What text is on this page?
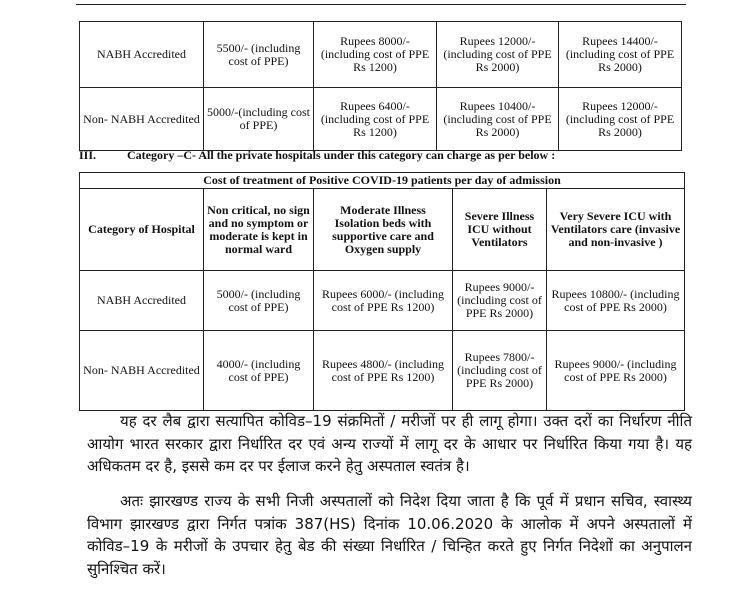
NABH Accredited	5500/- (including cost of PPE)	Rupees 8000/- (including cost of PPE Rs 1200)	Rupees 12000/- (including cost of PPE Rs 2000)	Rupees 14400/- (including cost of PPE Rs 2000)
Non- NABH Accredited	5000/-(including cost of PPE)	Rupees 6400/- (including cost of PPE Rs 1200)	Rupees 10400/- (including cost of PPE Rs 2000)	Rupees 12000/- (including cost of PPE Rs 2000)
III.	Category –C- All the private hospitals under this category can charge as per below :
Cost of treatment of Positive COVID-19 patients per day of admission				
Category of Hospital	Non critical, no sign and no symptom or moderate is kept in normal ward	Moderate Illness Isolation beds with supportive care and Oxygen supply	Severe Illness ICU without Ventilators	Very Severe ICU with Ventilators care (invasive and non-invasive )
NABH Accredited	5000/- (including cost of PPE)	Rupees 6000/- (including cost of PPE Rs 1200)	Rupees 9000/- (including cost of PPE Rs 2000)	Rupees 10800/- (including cost of PPE Rs 2000)
Non- NABH Accredited	4000/- (including cost of PPE)	Rupees 4800/- (including cost of PPE Rs 1200)	Rupees 7800/- (including cost of PPE Rs 2000)	Rupees 9000/- (including cost of PPE Rs 2000)

यह दर लैब द्वारा सत्यापित कोविड–19 संक्रमितों / मरीजों पर ही लागू होगा। उक्त दरों का निर्धारण नीति आयोग भारत सरकार द्वारा निर्धारित दर एवं अन्य राज्यों में लागू दर के आधार पर निर्धारित किया गया है। यह अधिकतम दर है, इससे कम दर पर ईलाज करने हेतु अस्पताल स्वतंत्र है।

अतः झारखण्ड राज्य के सभी निजी अस्पतालों को निदेश दिया जाता है कि पूर्व में प्रधान सचिव, स्वास्थ्य विभाग झारखण्ड द्वारा निर्गत पत्रांक 387(HS) दिनांक 10.06.2020 के आलोक में अपने अस्पतालों में कोविड–19 के मरीजों के उपचार हेतु बेड की संख्या निर्धारित / चिन्हित करते हुए निर्गत निदेशों का अनुपालन सुनिश्चित करें।
